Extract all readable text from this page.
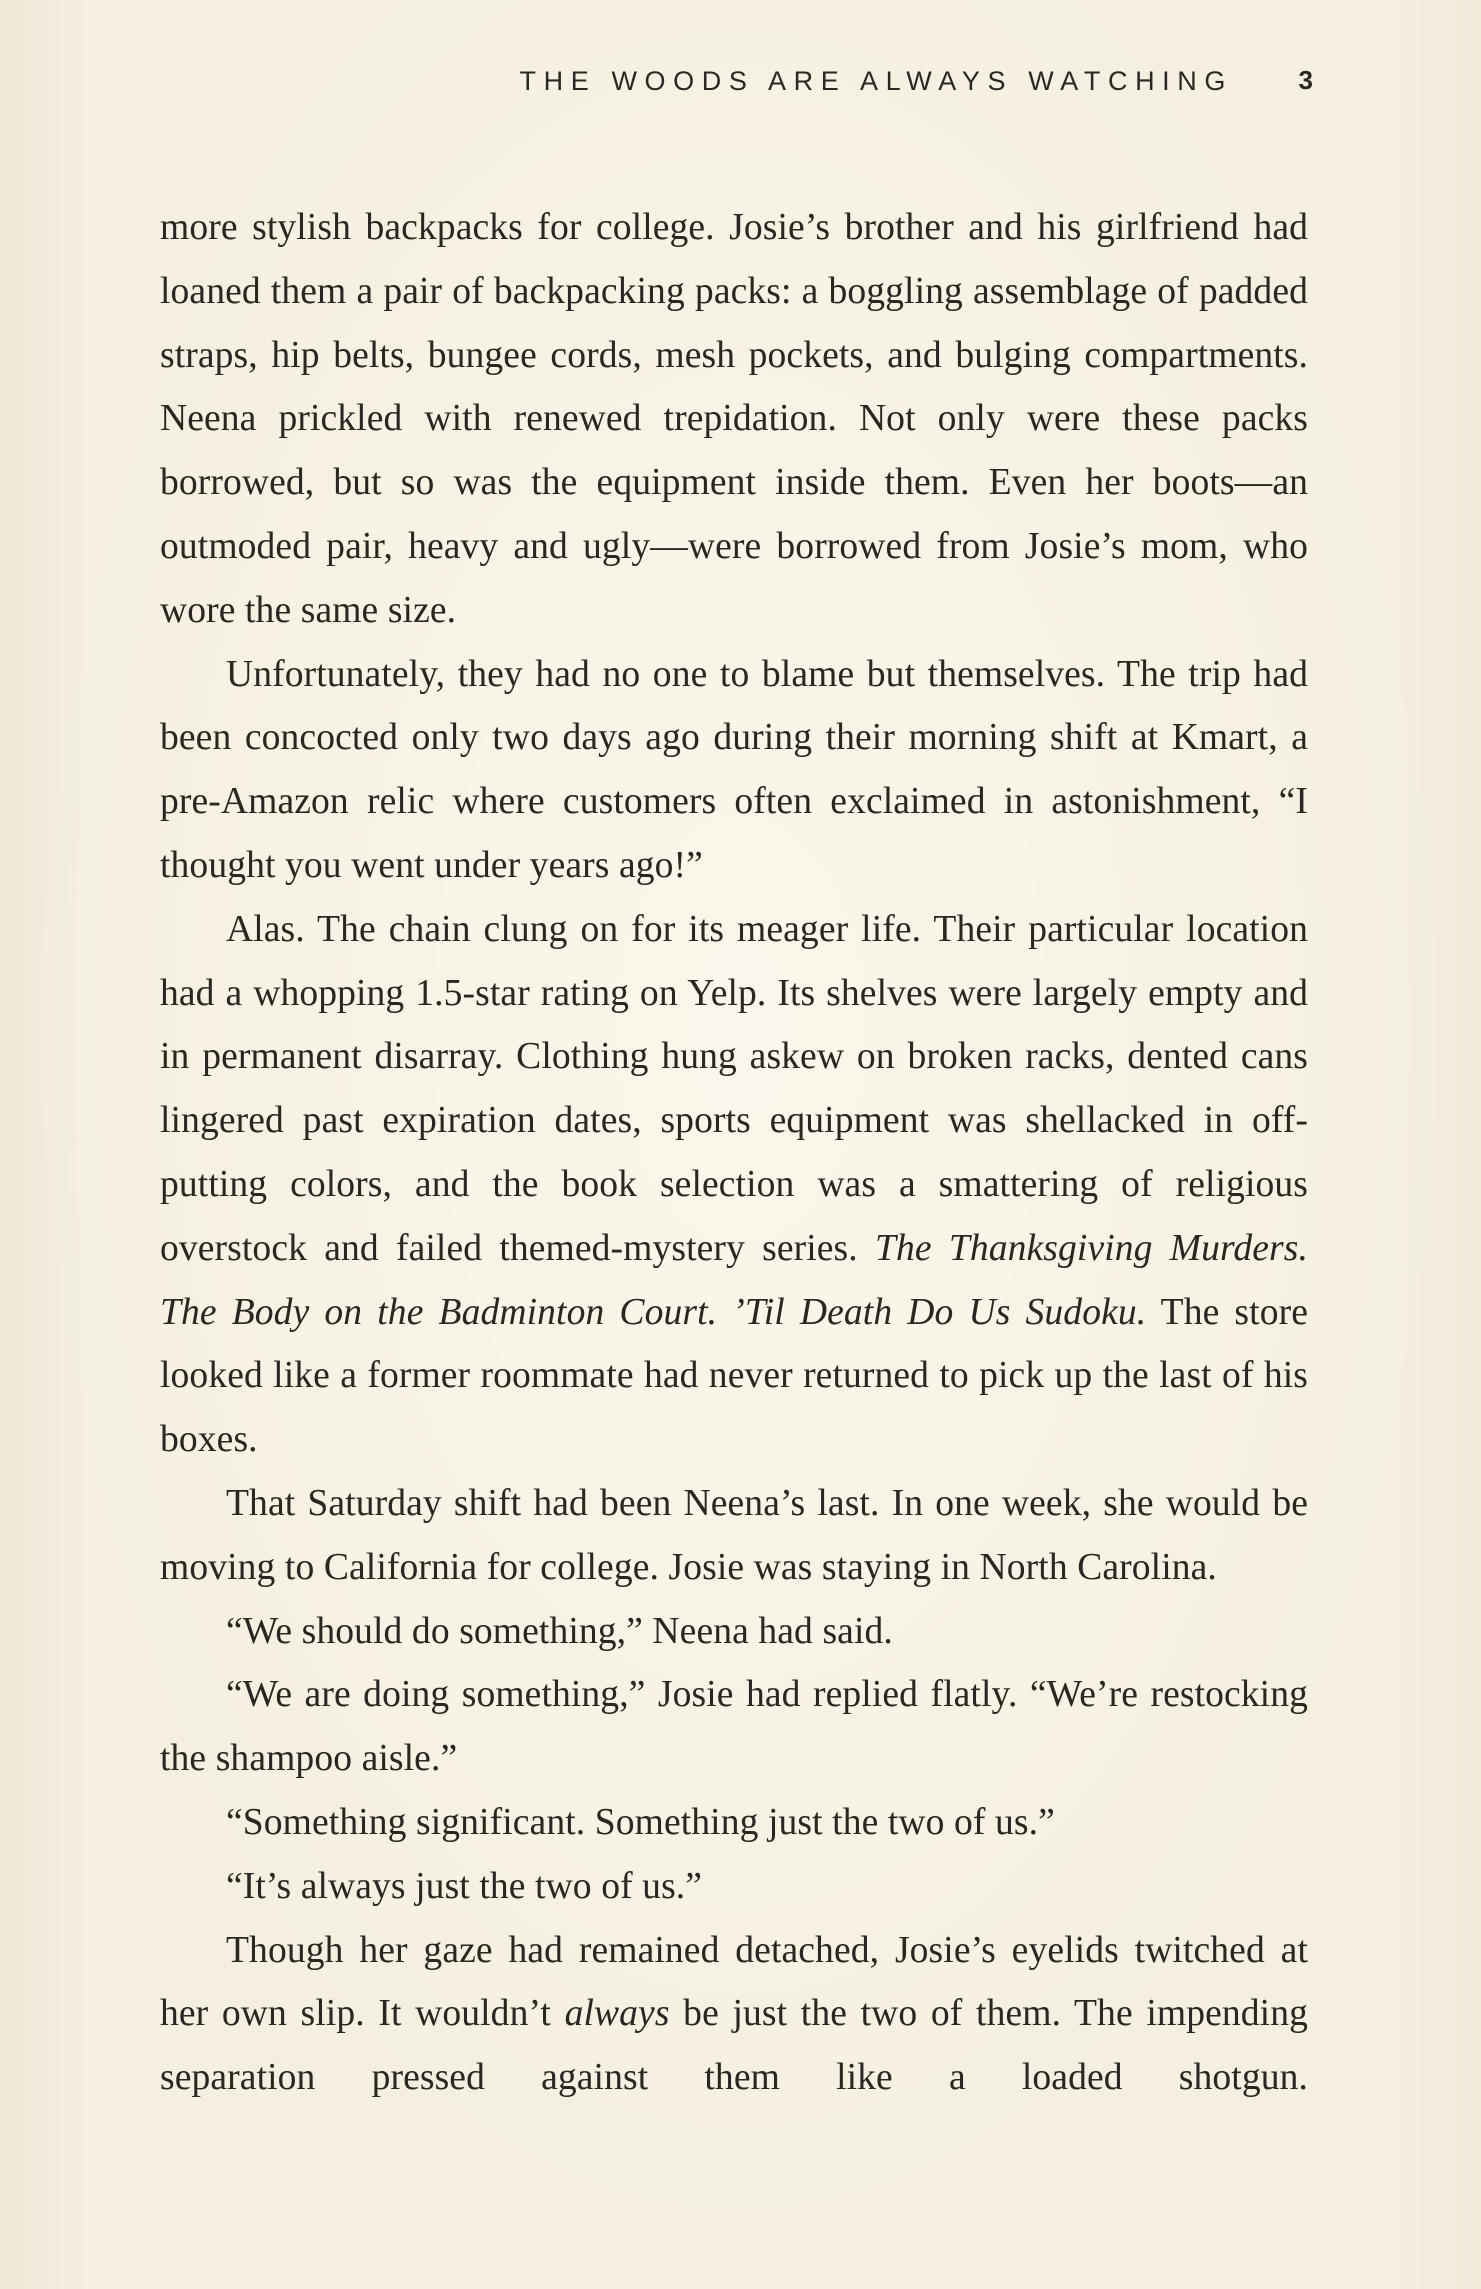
THE WOODS ARE ALWAYS WATCHING	3

more stylish backpacks for college. Josie’s brother and his girlfriend had loaned them a pair of backpacking packs: a boggling assemblage of padded straps, hip belts, bungee cords, mesh pockets, and bulging compartments. Neena prickled with renewed trepidation. Not only were these packs borrowed, but so was the equipment inside them. Even her boots—an outmoded pair, heavy and ugly—were borrowed from Josie’s mom, who wore the same size.

Unfortunately, they had no one to blame but themselves. The trip had been concocted only two days ago during their morning shift at Kmart, a pre-Amazon relic where customers often exclaimed in astonishment, “I thought you went under years ago!”

Alas. The chain clung on for its meager life. Their particular location had a whopping 1.5-star rating on Yelp. Its shelves were largely empty and in permanent disarray. Clothing hung askew on broken racks, dented cans lingered past expiration dates, sports equipment was shellacked in off-putting colors, and the book selection was a smattering of religious overstock and failed themed-mystery series. The Thanksgiving Murders. The Body on the Badminton Court. ’Til Death Do Us Sudoku. The store looked like a former roommate had never returned to pick up the last of his boxes.

That Saturday shift had been Neena’s last. In one week, she would be moving to California for college. Josie was staying in North Carolina.

“We should do something,” Neena had said.

“We are doing something,” Josie had replied flatly. “We’re restocking the shampoo aisle.”

“Something significant. Something just the two of us.”

“It’s always just the two of us.”

Though her gaze had remained detached, Josie’s eyelids twitched at her own slip. It wouldn’t always be just the two of them. The impending separation pressed against them like a loaded shotgun.
